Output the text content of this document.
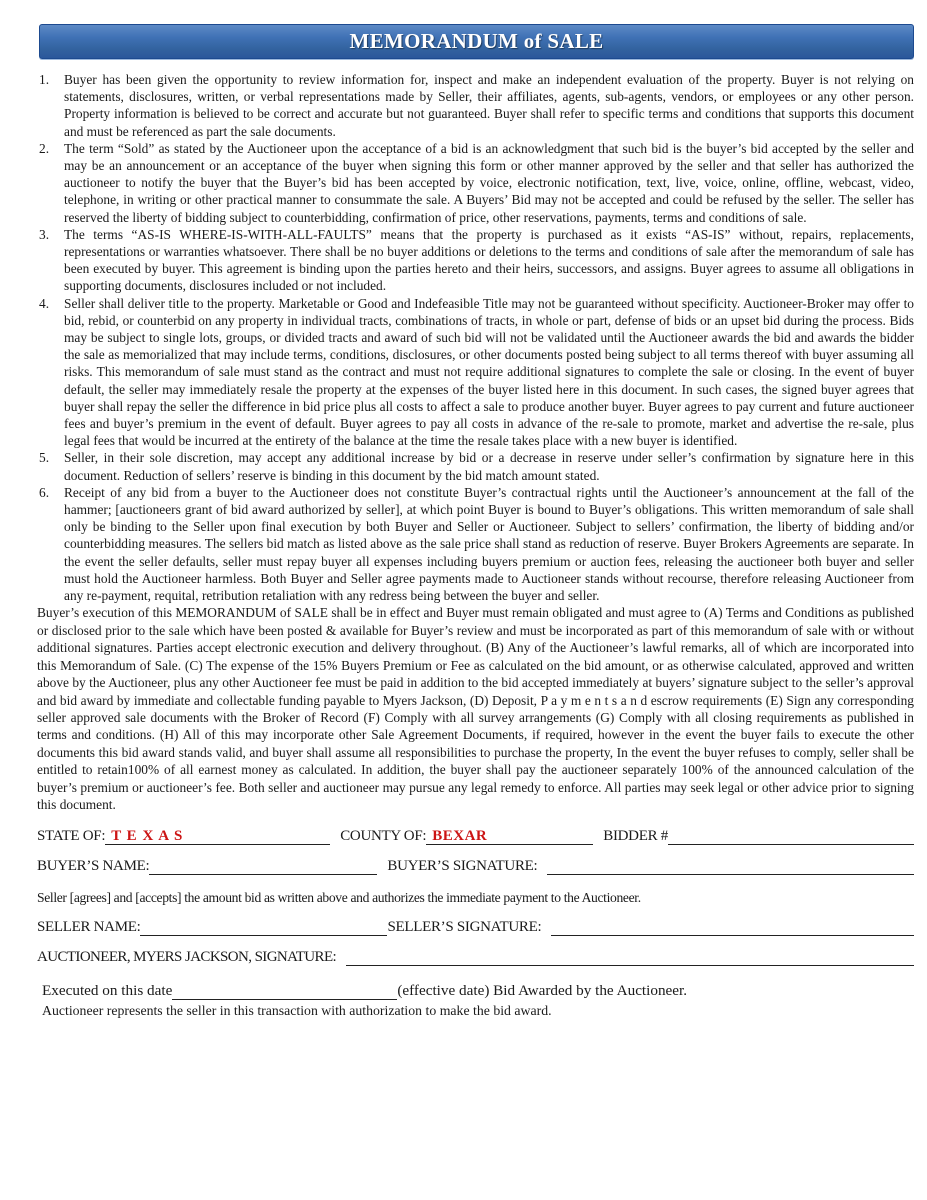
MEMORANDUM of SALE
1.	Buyer has been given the opportunity to review information for, inspect and make an independent evaluation of the property. Buyer is not relying on statements, disclosures, written, or verbal representations made by Seller, their affiliates, agents, sub-agents, vendors, or employees or any other person. Property information is believed to be correct and accurate but not guaranteed. Buyer shall refer to specific terms and conditions that supports this document and must be referenced as part the sale documents.
2.	The term “Sold” as stated by the Auctioneer upon the acceptance of a bid is an acknowledgment that such bid is the buyer’s bid accepted by the seller and may be an announcement or an acceptance of the buyer when signing this form or other manner approved by the seller and that seller has authorized the auctioneer to notify the buyer that the Buyer’s bid has been accepted by voice, electronic notification, text, live, voice, online, offline, webcast, video, telephone, in writing or other practical manner to consummate the sale. A Buyers’ Bid may not be accepted and could be refused by the seller. The seller has reserved the liberty of bidding subject to counterbidding, confirmation of price, other reservations, payments, terms and conditions of sale.
3.	The terms “AS-IS WHERE-IS-WITH-ALL-FAULTS” means that the property is purchased as it exists “AS-IS” without, repairs, replacements, representations or warranties whatsoever. There shall be no buyer additions or deletions to the terms and conditions of sale after the memorandum of sale has been executed by buyer. This agreement is binding upon the parties hereto and their heirs, successors, and assigns. Buyer agrees to assume all obligations in supporting documents, disclosures included or not included.
4.	Seller shall deliver title to the property. Marketable or Good and Indefeasible Title may not be guaranteed without specificity. Auctioneer-Broker may offer to bid, rebid, or counterbid on any property in individual tracts, combinations of tracts, in whole or part, defense of bids or an upset bid during the process. Bids may be subject to single lots, groups, or divided tracts and award of such bid will not be validated until the Auctioneer awards the bid and awards the bidder the sale as memorialized that may include terms, conditions, disclosures, or other documents posted being subject to all terms thereof with buyer assuming all risks. This memorandum of sale must stand as the contract and must not require additional signatures to complete the sale or closing. In the event of buyer default, the seller may immediately resale the property at the expenses of the buyer listed here in this document. In such cases, the signed buyer agrees that buyer shall repay the seller the difference in bid price plus all costs to affect a sale to produce another buyer. Buyer agrees to pay current and future auctioneer fees and buyer’s premium in the event of default. Buyer agrees to pay all costs in advance of the re-sale to promote, market and advertise the re-sale, plus legal fees that would be incurred at the entirety of the balance at the time the resale takes place with a new buyer is identified.
5.	Seller, in their sole discretion, may accept any additional increase by bid or a decrease in reserve under seller’s confirmation by signature here in this document. Reduction of sellers’ reserve is binding in this document by the bid match amount stated.
6.	Receipt of any bid from a buyer to the Auctioneer does not constitute Buyer’s contractual rights until the Auctioneer’s announcement at the fall of the hammer; [auctioneers grant of bid award authorized by seller], at which point Buyer is bound to Buyer’s obligations. This written memorandum of sale shall only be binding to the Seller upon final execution by both Buyer and Seller or Auctioneer. Subject to sellers’ confirmation, the liberty of bidding and/or counterbidding measures. The sellers bid match as listed above as the sale price shall stand as reduction of reserve. Buyer Brokers Agreements are separate. In the event the seller defaults, seller must repay buyer all expenses including buyers premium or auction fees, releasing the auctioneer both buyer and seller must hold the Auctioneer harmless. Both Buyer and Seller agree payments made to Auctioneer stands without recourse, therefore releasing Auctioneer from any re-payment, requital, retribution retaliation with any redress being between the buyer and seller.

Buyer’s execution of this MEMORANDUM of SALE shall be in effect and Buyer must remain obligated and must agree to (A) Terms and Conditions as published or disclosed prior to the sale which have been posted & available for Buyer’s review and must be incorporated as part of this memorandum of sale with or without additional signatures. Parties accept electronic execution and delivery throughout. (B) Any of the Auctioneer’s lawful remarks, all of which are incorporated into this Memorandum of Sale. (C) The expense of the 15% Buyers Premium or Fee as calculated on the bid amount, or as otherwise calculated, approved and written above by the Auctioneer, plus any other Auctioneer fee must be paid in addition to the bid accepted immediately at buyers’ signature subject to the seller’s approval and bid award by immediate and collectable funding payable to Myers Jackson, (D) Deposit, P a y m e n t s a n d escrow requirements (E) Sign any corresponding seller approved sale documents with the Broker of Record (F) Comply with all survey arrangements (G) Comply with all closing requirements as published in terms and conditions. (H) All of this may incorporate other Sale Agreement Documents, if required, however in the event the buyer fails to execute the other documents this bid award stands valid, and buyer shall assume all responsibilities to purchase the property, In the event the buyer refuses to comply, seller shall be entitled to retain100% of all earnest money as calculated. In addition, the buyer shall pay the auctioneer separately 100% of the announced calculation of the buyer’s premium or auctioneer’s fee. Both seller and auctioneer may pursue any legal remedy to enforce. All parties may seek legal or other advice prior to signing this document.

STATE OF: T E X A S	COUNTY OF: BEXAR	BIDDER #
BUYER’S NAME:	BUYER’S SIGNATURE:
Seller [agrees] and [accepts] the amount bid as written above and authorizes the immediate payment to the Auctioneer.
SELLER NAME:	SELLER’S SIGNATURE:
AUCTIONEER, MYERS JACKSON, SIGNATURE:
Executed on this date	(effective date) Bid Awarded by the Auctioneer.
Auctioneer represents the seller in this transaction with authorization to make the bid award.
